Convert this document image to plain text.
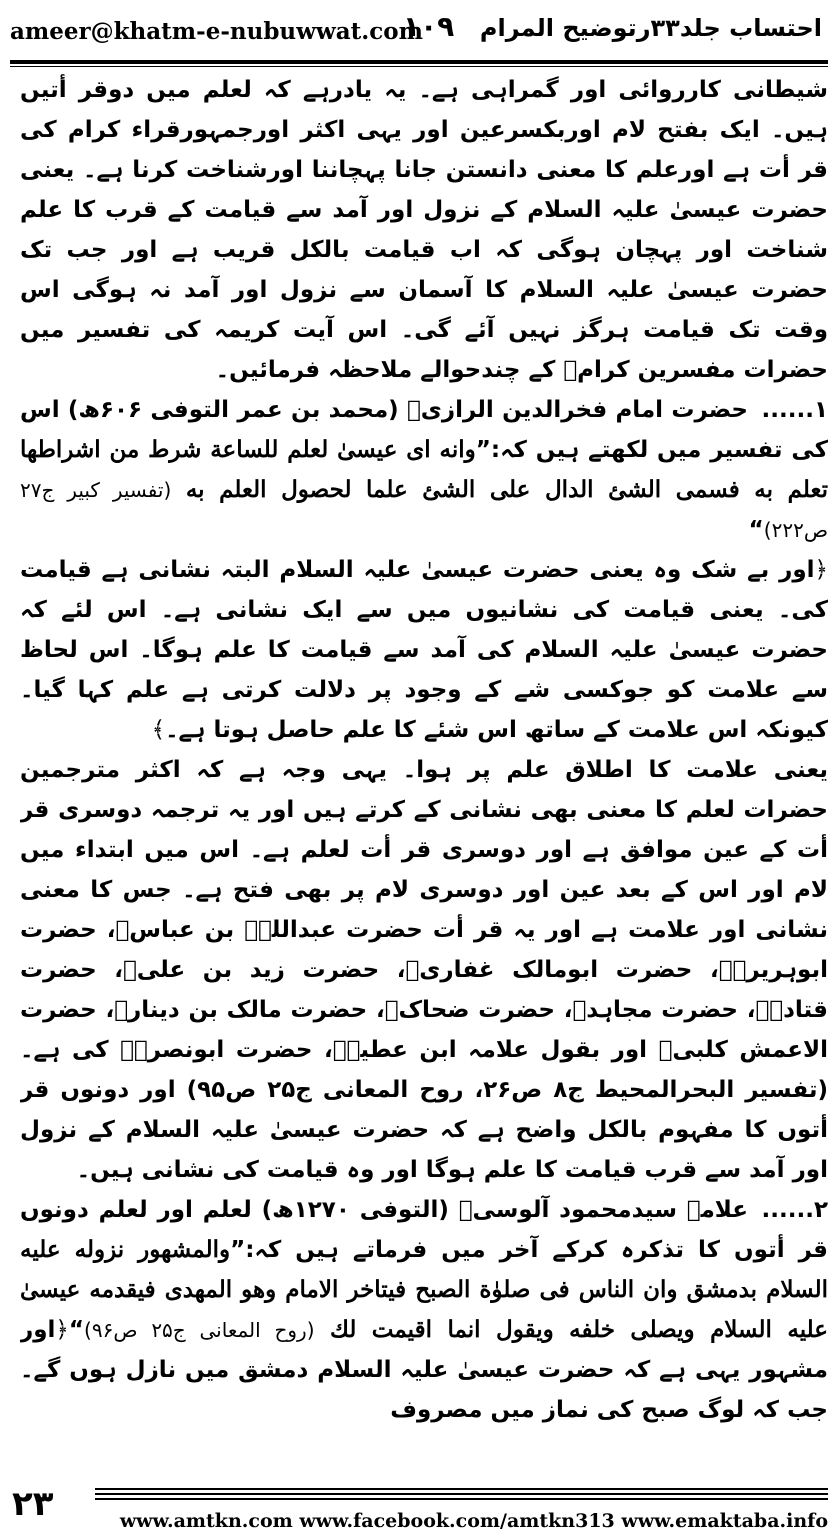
ameer@khatm-e-nubuwwat.com
۱۰۹ احتساب جلد۳۳رتوضیح المرام

شیطانی کارروائی اور گمراہی ہے۔ یہ یادرہے کہ لعلم میں دوقر أتیں ہیں۔ ایک بفتح لام اوربکسرعین اور یہی اکثر اورجمہورقراء کرام کی قر أت ہے اورعلم کا معنی دانستن جانا پہچاننا اورشناخت کرنا ہے۔ یعنی حضرت عیسیٰ علیہ السلام کے نزول اور آمد سے قیامت کے قرب کا علم شناخت اور پہچان ہوگی کہ اب قیامت بالکل قریب ہے اور جب تک حضرت عیسیٰ علیہ السلام کا آسمان سے نزول اور آمد نہ ہوگی اس وقت تک قیامت ہرگز نہیں آئے گی۔ اس آیت کریمہ کی تفسیر میں حضرات مفسرین کرامؒ کے چندحوالے ملاحظہ فرمائیں۔

۱......حضرت امام فخرالدین الرازیؒ (محمد بن عمر التوفی ۶۰۶ھ) اس کی تفسیر میں لکھتے ہیں کہ:”وانه ای عیسیٰ لعلم للساعة شرط من اشراطها تعلم به فسمی الشئ الدال علی الشئ علما لحصول العلم به (تفسیر کبیر ج۲۷ ص۲۲۲)“

﴿اور بے شک وہ یعنی حضرت عیسیٰ علیہ السلام البتہ نشانی ہے قیامت کی۔ یعنی قیامت کی نشانیوں میں سے ایک نشانی ہے۔ اس لئے کہ حضرت عیسیٰ علیہ السلام کی آمد سے قیامت کا علم ہوگا۔ اس لحاظ سے علامت کو جوکسی شے کے وجود پر دلالت کرتی ہے علم کہا گیا۔ کیونکہ اس علامت کے ساتھ اس شئے کا علم حاصل ہوتا ہے۔﴾

یعنی علامت کا اطلاق علم پر ہوا۔ یہی وجہ ہے کہ اکثر مترجمین حضرات لعلم کا معنی بھی نشانی کے کرتے ہیں اور یہ ترجمہ دوسری قر أت کے عین موافق ہے اور دوسری قر أت لعلم ہے۔ اس میں ابتداء میں لام اور اس کے بعد عین اور دوسری لام پر بھی فتح ہے۔ جس کا معنی نشانی اور علامت ہے اور یہ قر أت حضرت عبداللہؓ بن عباسؓ، حضرت ابوہریرہؓ، حضرت ابومالک غفاریؒ، حضرت زید بن علیؒ، حضرت قتادہؒ، حضرت مجاہدؒ، حضرت ضحاکؒ، حضرت مالک بن دینارؒ، حضرت الاعمش کلبیؒ اور بقول علامہ ابن عطیہؒ، حضرت ابونصرہؒ کی ہے۔ (تفسیر البحرالمحیط ج۸ ص۲۶، روح المعانی ج۲۵ ص۹۵) اور دونوں قر أتوں کا مفہوم بالکل واضح ہے کہ حضرت عیسیٰ علیہ السلام کے نزول اور آمد سے قرب قیامت کا علم ہوگا اور وہ قیامت کی نشانی ہیں۔

۲......علامہ سیدمحمود آلوسیؒ (التوفی ۱۲۷۰ھ) لعلم اور لعلم دونوں قر أتوں کا تذکرہ کرکے آخر میں فرماتے ہیں کہ:”والمشهور نزوله علیه السلام بدمشق وان الناس فی صلوٰة الصبح فیتاخر الامام وهو المهدی فیقدمه عیسیٰ علیه السلام ویصلی خلفه ویقول انما اقیمت لك (روح المعانی ج۲۵ ص۹۶)“﴿اور مشہور یہی ہے کہ حضرت عیسیٰ علیہ السلام دمشق میں نازل ہوں گے۔ جب کہ لوگ صبح کی نماز میں مصروف

۲۳	www.amtkn.com www.facebook.com/amtkn313 www.emaktaba.info
